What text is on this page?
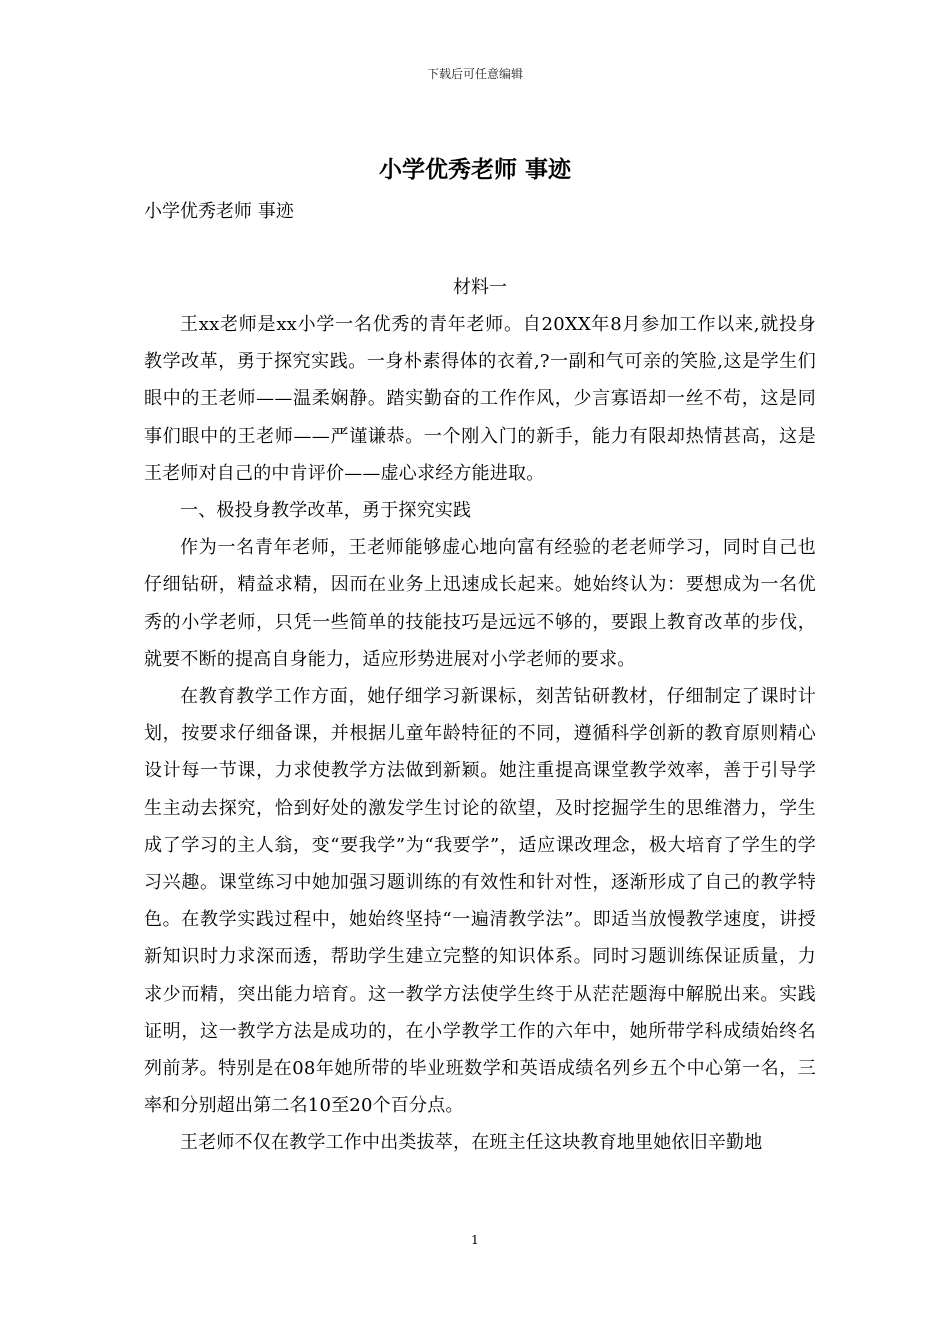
下载后可任意编辑
小学优秀老师 事迹

小学优秀老师 事迹

材料一

王xx老师是xx小学一名优秀的青年老师。自20XX年8月参加工作以来,就投身教学改革，勇于探究实践。一身朴素得体的衣着,?一副和气可亲的笑脸,这是学生们眼中的王老师——温柔娴静。踏实勤奋的工作作风，少言寡语却一丝不苟，这是同事们眼中的王老师——严谨谦恭。一个刚入门的新手，能力有限却热情甚高，这是王老师对自己的中肯评价——虚心求经方能进取。

一、极投身教学改革，勇于探究实践

作为一名青年老师，王老师能够虚心地向富有经验的老老师学习，同时自己也仔细钻研，精益求精，因而在业务上迅速成长起来。她始终认为：要想成为一名优秀的小学老师，只凭一些简单的技能技巧是远远不够的，要跟上教育改革的步伐，就要不断的提高自身能力，适应形势进展对小学老师的要求。

在教育教学工作方面，她仔细学习新课标，刻苦钻研教材，仔细制定了课时计划，按要求仔细备课，并根据儿童年龄特征的不同，遵循科学创新的教育原则精心设计每一节课，力求使教学方法做到新颖。她注重提高课堂教学效率，善于引导学生主动去探究，恰到好处的激发学生讨论的欲望，及时挖掘学生的思维潜力，学生成了学习的主人翁，变“要我学”为“我要学”，适应课改理念，极大培育了学生的学习兴趣。课堂练习中她加强习题训练的有效性和针对性，逐渐形成了自己的教学特色。在教学实践过程中，她始终坚持“一遍清教学法”。即适当放慢教学速度，讲授新知识时力求深而透，帮助学生建立完整的知识体系。同时习题训练保证质量，力求少而精，突出能力培育。这一教学方法使学生终于从茫茫题海中解脱出来。实践证明，这一教学方法是成功的，在小学教学工作的六年中，她所带学科成绩始终名列前茅。特别是在08年她所带的毕业班数学和英语成绩名列乡五个中心第一名，三率和分别超出第二名10至20个百分点。

王老师不仅在教学工作中出类拔萃，在班主任这块教育地里她依旧辛勤地

1
